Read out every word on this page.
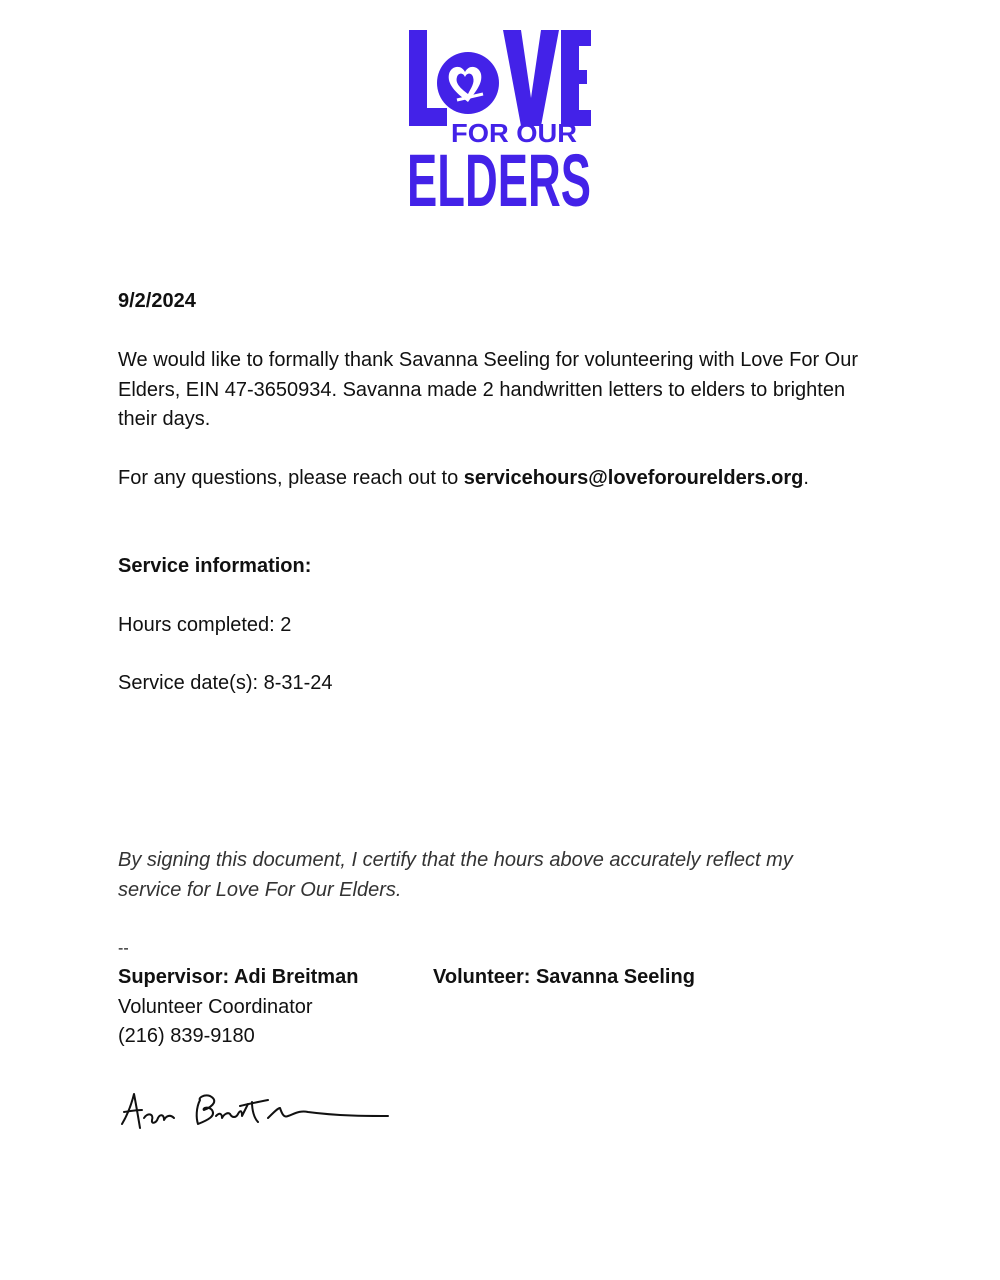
FOR OUR
ELDERS
9/2/2024
We would like to formally thank Savanna Seeling for volunteering with Love For Our Elders, EIN 47-3650934. Savanna made 2 handwritten letters to elders to brighten their days.
For any questions, please reach out to servicehours@loveforourelders.org.
Service information:
Hours completed: 2
Service date(s): 8-31-24
By signing this document, I certify that the hours above accurately reflect my service for Love For Our Elders.
--
Supervisor: Adi Breitman	Volunteer: Savanna Seeling
Volunteer Coordinator
(216) 839-9180
